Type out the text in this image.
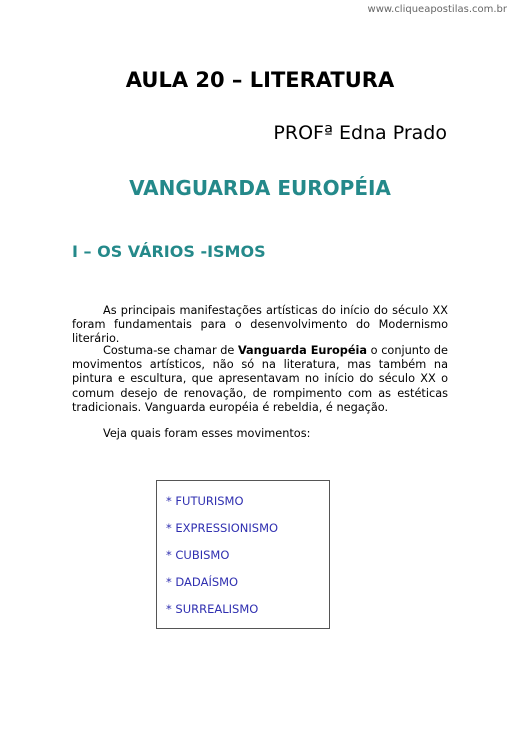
www.cliqueapostilas.com.br
AULA 20 – LITERATURA

PROFª Edna Prado

VANGUARDA EUROPÉIA
I – OS VÁRIOS -ISMOS

As principais manifestações artísticas do início do século XX foram fundamentais para o desenvolvimento do Modernismo literário.

Costuma-se chamar de Vanguarda Européia o conjunto de movimentos artísticos, não só na literatura, mas também na pintura e escultura, que apresentavam no início do século XX o comum desejo de renovação, de rompimento com as estéticas tradicionais. Vanguarda européia é rebeldia, é negação.

Veja quais foram esses movimentos:

* FUTURISMO
* EXPRESSIONISMO
* CUBISMO
* DADAÍSMO
* SURREALISMO
